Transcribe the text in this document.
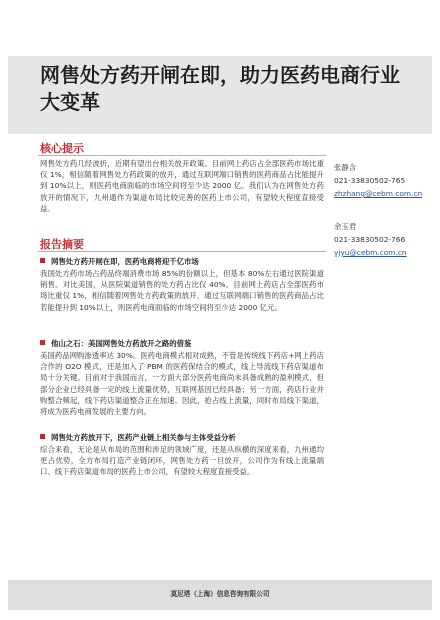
网售处方药开闸在即，助力医药电商行业大变革
核心提示

网售处方药几经波折，近期有望出台相关放开政策。目前网上药店占全部医药市场比重仅 1%，相信随着网售处方药政策的放开，通过互联网端口销售的医药商品占比能提升到 10%以上，则医药电商面临的市场空间将至少达 2000 亿。我们认为在网售处方药放开的情况下，九州通作为渠道布局比较完善的医药上市公司，有望较大程度直接受益。

报告摘要
网售处方药开闸在即，医药电商将迎千亿市场

我国处方药市场占药品终端消费市场 85%的份额以上，但基本 80%左右通过医院渠道销售。对比美国，从医院渠道销售的处方药占比仅 40%。目前网上药店占全部医药市场比重仅 1%，相信随着网售处方药政策的放开，通过互联网端口销售的医药商品占比若能提升到 10%以上，则医药电商面临的市场空间将至少达 2000 亿元。

他山之石：美国网售处方药放开之路的借鉴

美国药品网购渗透率达 30%。医药电商模式相对成熟，不管是传统线下药店+网上药店合作的 O2O 模式，还是加入了 PBM 的医药保结合的模式，线上导流线下药店渠道布局十分关键。目前对于我国而言，一方面大部分医药电商尚未具备成熟的盈利模式，但部分企业已经具备一定的线上流量优势，互联网基因已经具备；另一方面，药店行业并购整合频起，线下药店渠道整合正在加速。因此，抢占线上流量，同时布局线下渠道，将成为医药电商发展的主要方向。

网售处方药放开下，医药产业链上相关参与主体受益分析

综合来看，无论是从布局的范围和涉足的领域广度，还是从纵横的深度来看，九州通均更占优势，全方布局打造产业链闭环，网售处方药一旦放开，公司作为有线上流量端口、线下药店渠道布局的医药上市公司，有望较大程度直接受益。

张静含
021-33830502-765
zhzhang@cebm.com.cn
余玉君
021-33830502-766
yjyu@cebm.com.cn
莫尼塔（上海）信息咨询有限公司
